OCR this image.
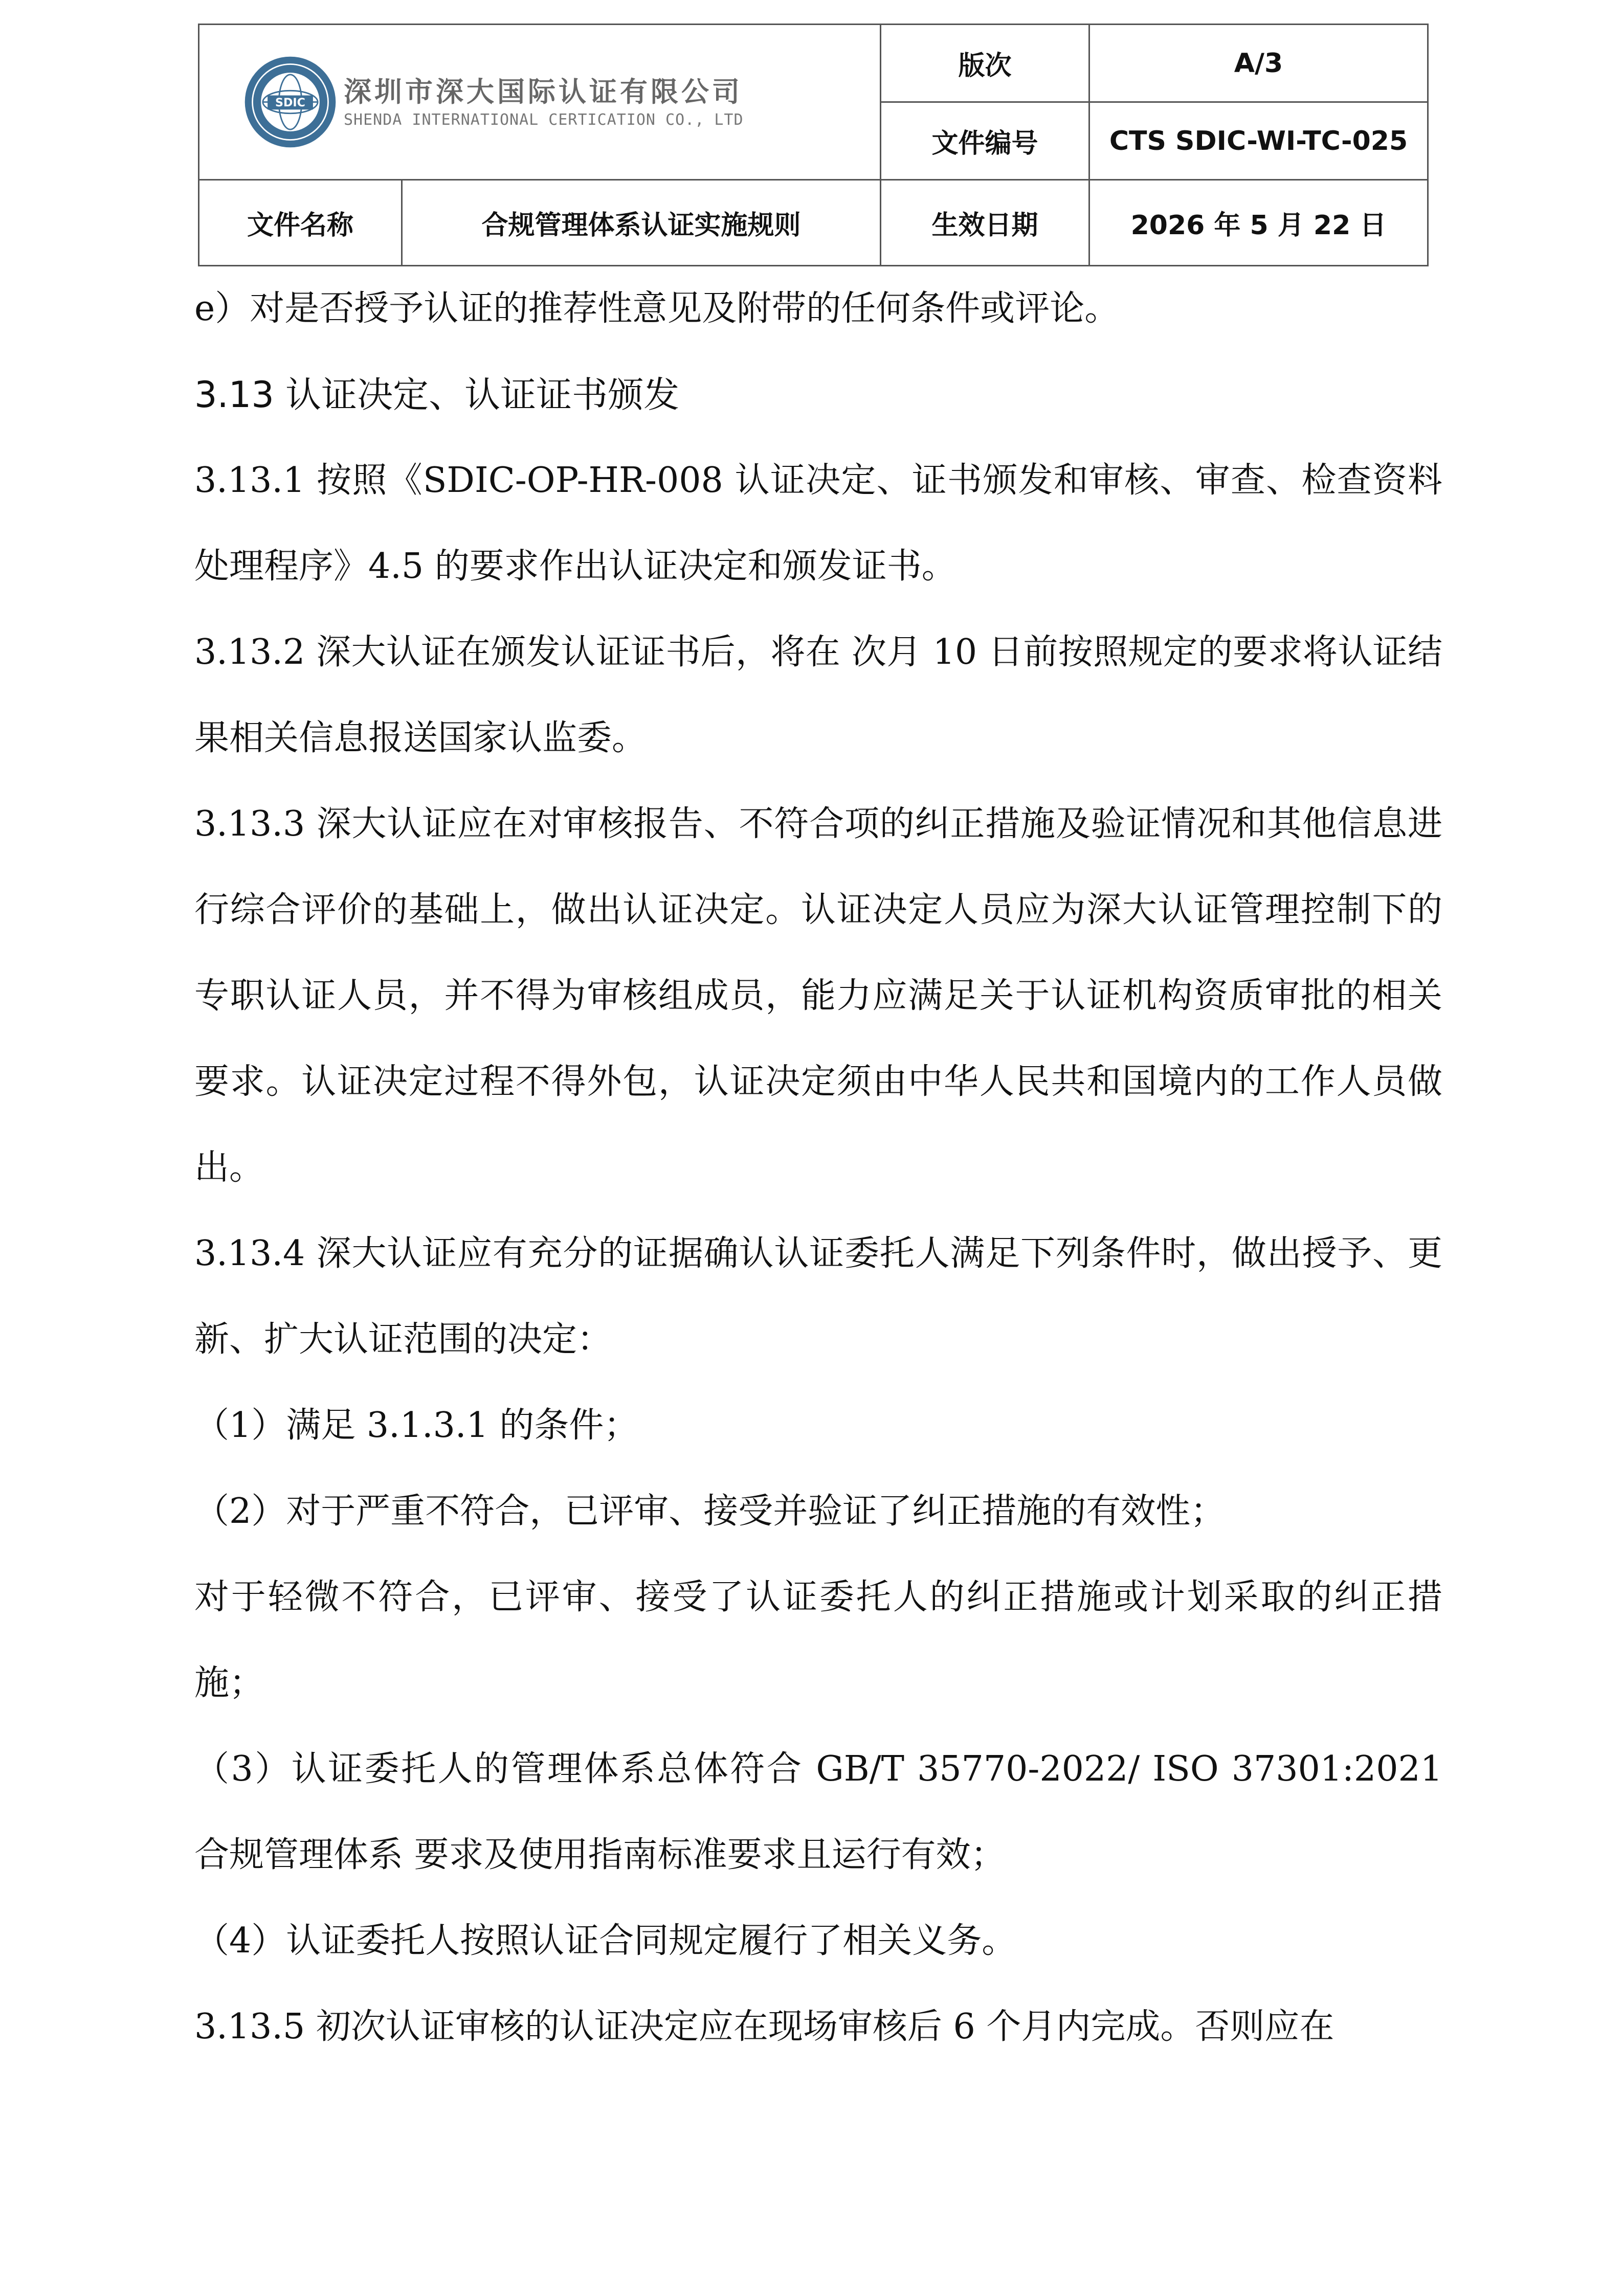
SDIC 深圳市深大国际认证有限公司
SHENDA INTERNATIONAL CERTICATION CO., LTD		版次	A/3
		文件编号	CTS SDIC-WI-TC-025
文件名称	合规管理体系认证实施规则	生效日期	2026 年 5 月 22 日

e）对是否授予认证的推荐性意见及附带的任何条件或评论。

3.13 认证决定、认证证书颁发

3.13.1 按照《SDIC-OP-HR-008 认证决定、证书颁发和审核、审查、检查资料处理程序》4.5 的要求作出认证决定和颁发证书。

3.13.2 深大认证在颁发认证证书后，将在 次月 10 日前按照规定的要求将认证结果相关信息报送国家认监委。

3.13.3 深大认证应在对审核报告、不符合项的纠正措施及验证情况和其他信息进行综合评价的基础上，做出认证决定。认证决定人员应为深大认证管理控制下的专职认证人员，并不得为审核组成员，能力应满足关于认证机构资质审批的相关要求。认证决定过程不得外包，认证决定须由中华人民共和国境内的工作人员做出。

3.13.4 深大认证应有充分的证据确认认证委托人满足下列条件时，做出授予、更新、扩大认证范围的决定：

（1）满足 3.1.3.1 的条件；

（2）对于严重不符合，已评审、接受并验证了纠正措施的有效性；

对于轻微不符合，已评审、接受了认证委托人的纠正措施或计划采取的纠正措施；

（3）认证委托人的管理体系总体符合 GB/T 35770-2022/ ISO 37301:2021 合规管理体系 要求及使用指南标准要求且运行有效；

（4）认证委托人按照认证合同规定履行了相关义务。

3.13.5 初次认证审核的认证决定应在现场审核后 6 个月内完成。否则应在
